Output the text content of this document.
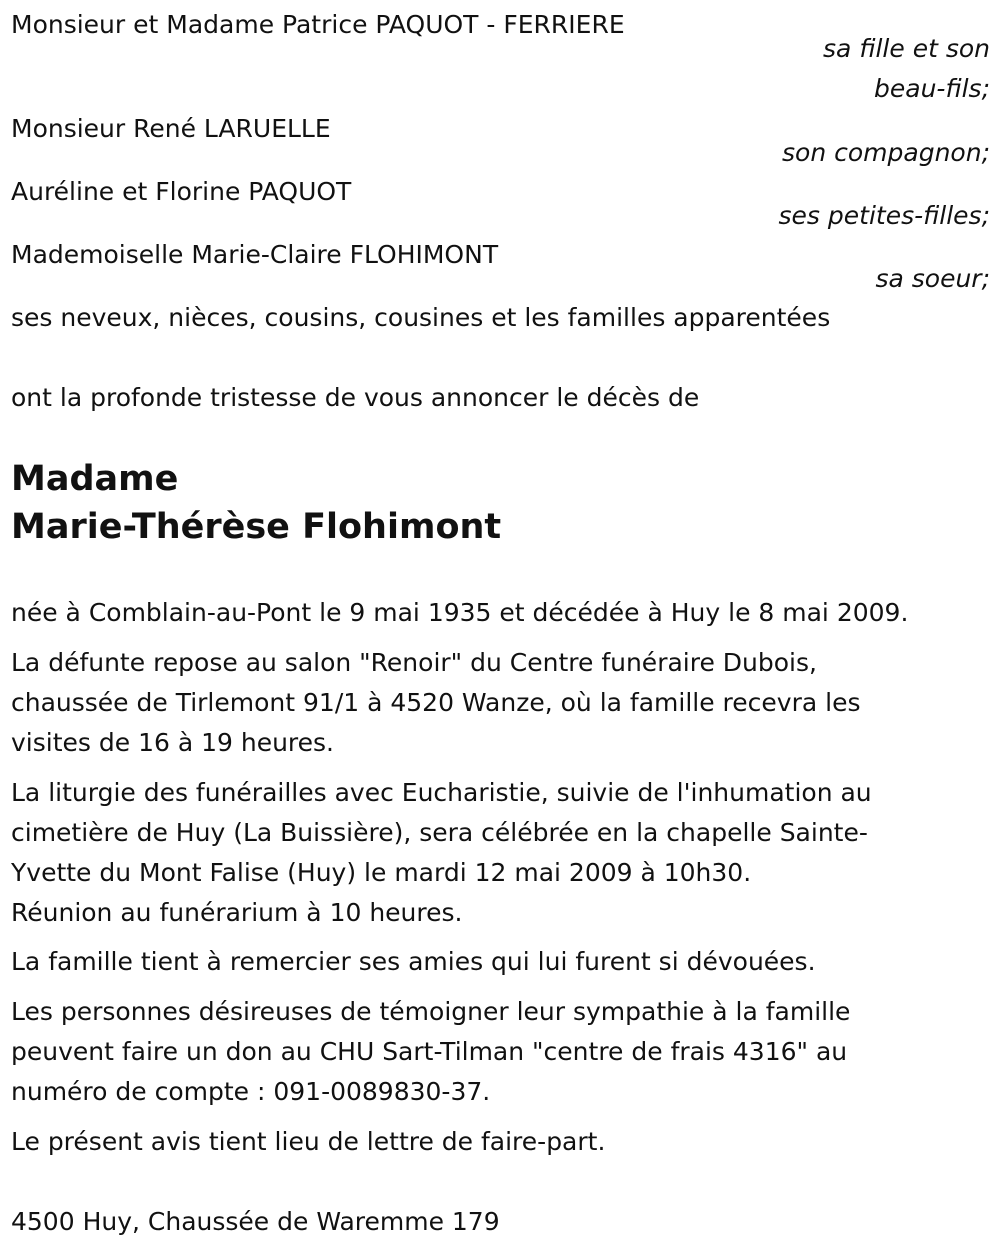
Monsieur et Madame Patrice PAQUOT - FERRIERE
sa fille et son
beau-fils;
Monsieur René LARUELLE
son compagnon;
Auréline et Florine PAQUOT
ses petites-filles;
Mademoiselle Marie-Claire FLOHIMONT
sa soeur;
ses neveux, nièces, cousins, cousines et les familles apparentées
ont la profonde tristesse de vous annoncer le décès de
Madame
Marie-Thérèse Flohimont
née à Comblain-au-Pont le 9 mai 1935 et décédée à Huy le 8 mai 2009.
La défunte repose au salon "Renoir" du Centre funéraire Dubois,
chaussée de Tirlemont 91/1 à 4520 Wanze, où la famille recevra les
visites de 16 à 19 heures.
La liturgie des funérailles avec Eucharistie, suivie de l'inhumation au
cimetière de Huy (La Buissière), sera célébrée en la chapelle Sainte-
Yvette du Mont Falise (Huy) le mardi 12 mai 2009 à 10h30.
Réunion au funérarium à 10 heures.
La famille tient à remercier ses amies qui lui furent si dévouées.
Les personnes désireuses de témoigner leur sympathie à la famille
peuvent faire un don au CHU Sart-Tilman "centre de frais 4316" au
numéro de compte : 091-0089830-37.
Le présent avis tient lieu de lettre de faire-part.
4500 Huy, Chaussée de Waremme 179
